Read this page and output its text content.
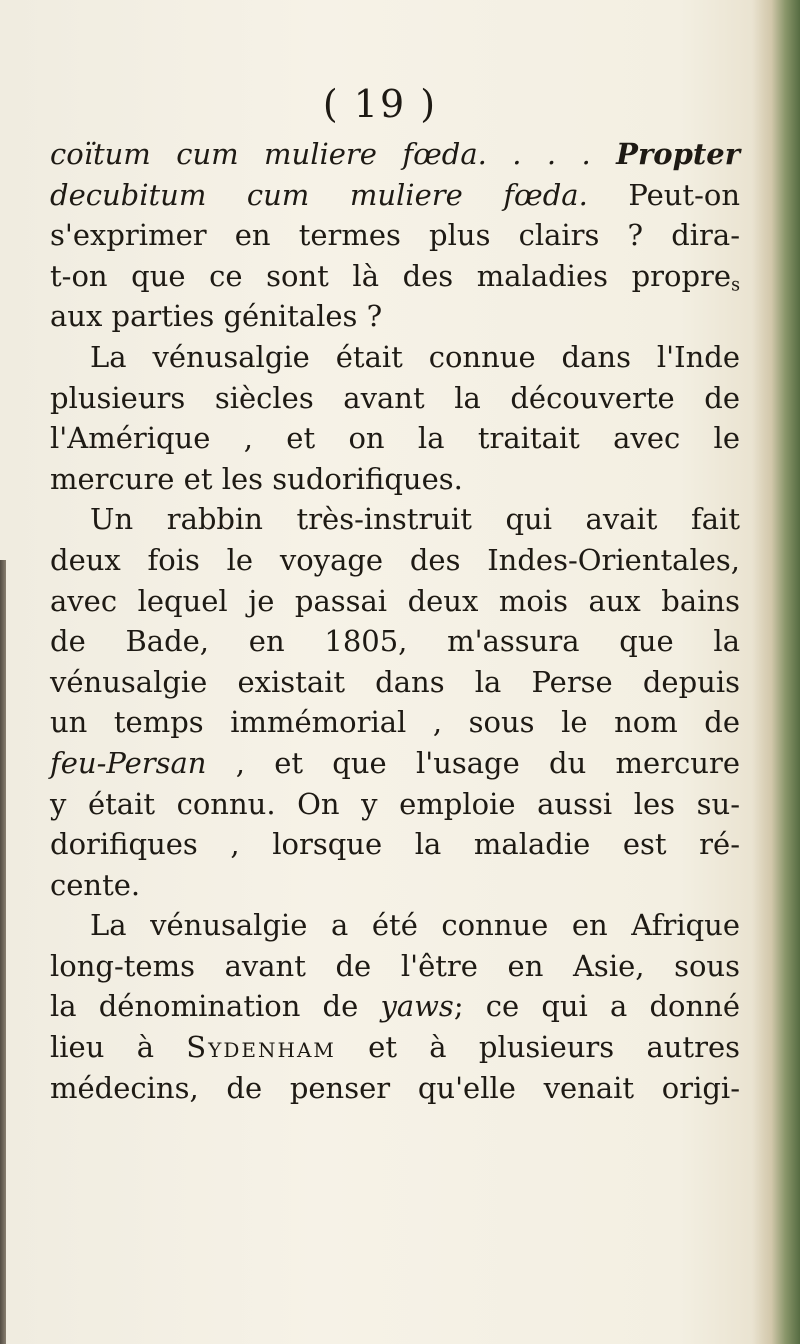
( 19 )
coïtum cum muliere fœda. . . . Propter
decubitum cum muliere fœda. Peut-on
s'exprimer en termes plus clairs ? dira-
t-on que ce sont là des maladies propre$_s$
aux parties génitales ?
La vénusalgie était connue dans l'Inde
plusieurs siècles avant la découverte de
l'Amérique , et on la traitait avec le
mercure et les sudorifiques.
Un rabbin très-instruit qui avait fait
deux fois le voyage des Indes-Orientales,
avec lequel je passai deux mois aux bains
de Bade, en 1805, m'assura que la
vénusalgie existait dans la Perse depuis
un temps immémorial , sous le nom de
feu-Persan , et que l'usage du mercure
y était connu. On y emploie aussi les su-
dorifiques , lorsque la maladie est ré-
cente.
La vénusalgie a été connue en Afrique
long-tems avant de l'être en Asie, sous
la dénomination de yaws; ce qui a donné
lieu à Sydenham et à plusieurs autres
médecins, de penser qu'elle venait origi-
